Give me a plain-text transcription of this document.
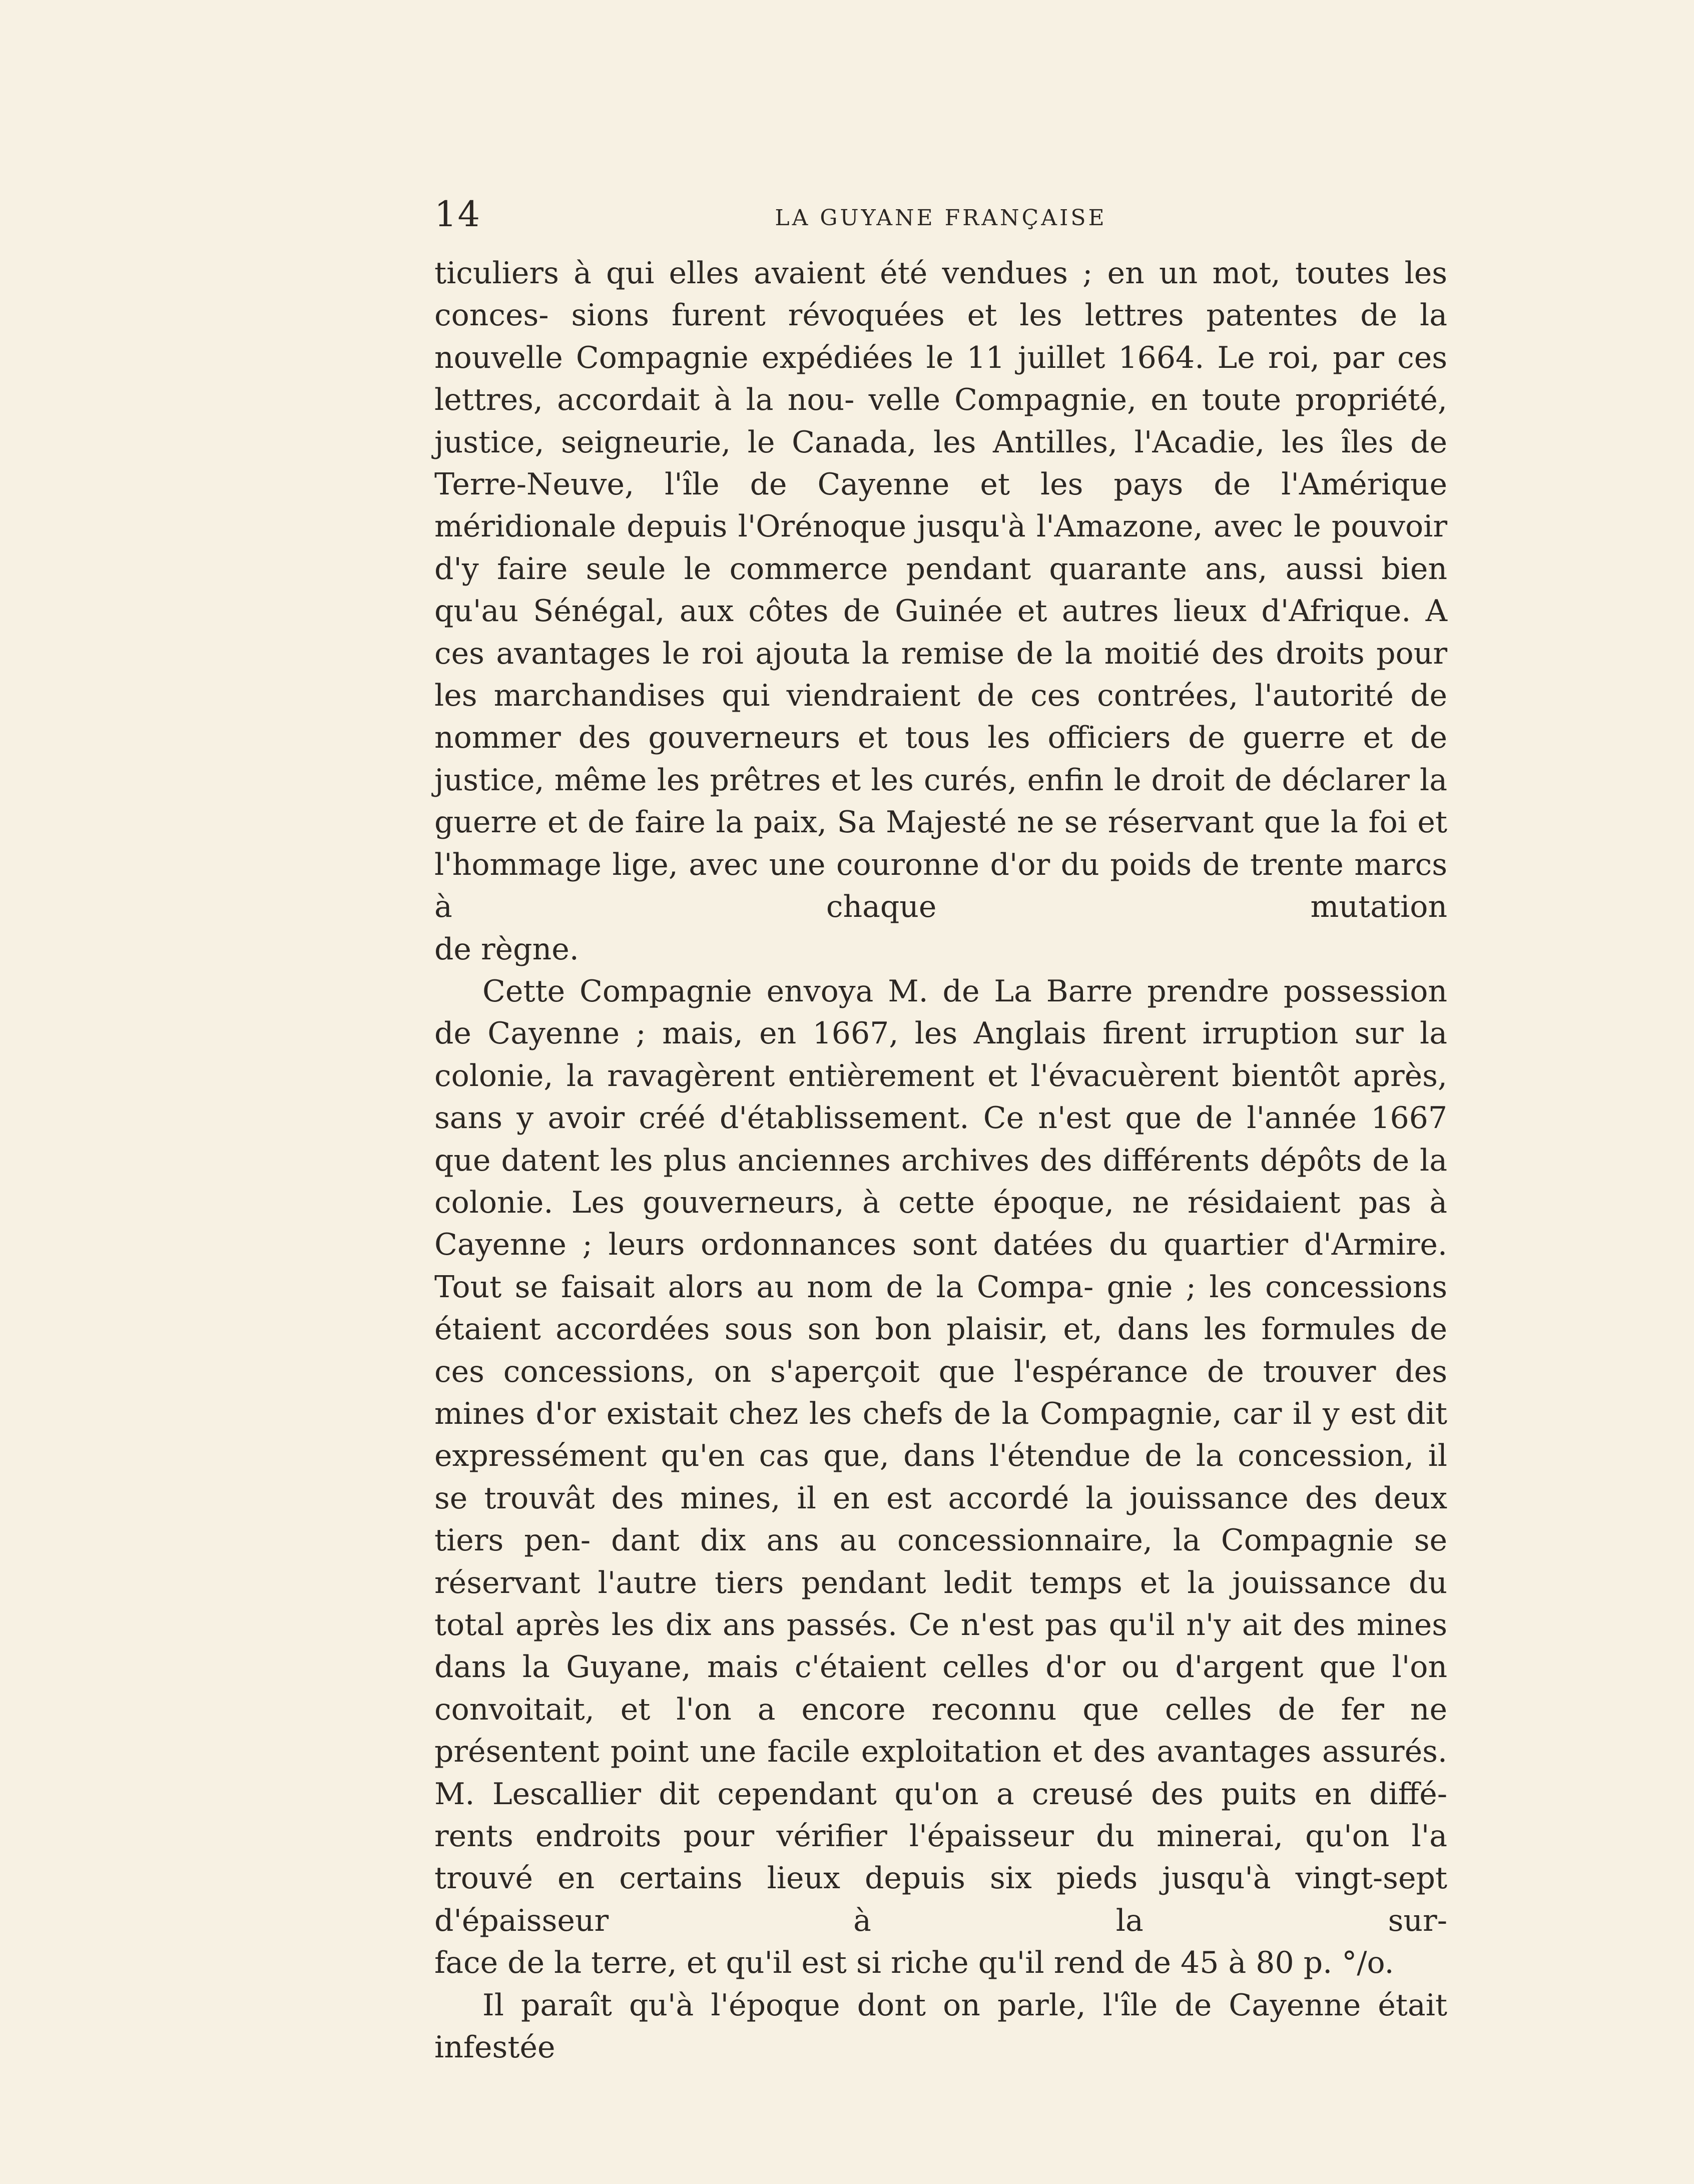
14	LA GUYANE FRANÇAISE

ticuliers à qui elles avaient été vendues ; en un mot, toutes les conces- sions furent révoquées et les lettres patentes de la nouvelle Compagnie expédiées le 11 juillet 1664. Le roi, par ces lettres, accordait à la nou- velle Compagnie, en toute propriété, justice, seigneurie, le Canada, les Antilles, l'Acadie, les îles de Terre-Neuve, l'île de Cayenne et les pays de l'Amérique méridionale depuis l'Orénoque jusqu'à l'Amazone, avec le pouvoir d'y faire seule le commerce pendant quarante ans, aussi bien qu'au Sénégal, aux côtes de Guinée et autres lieux d'Afrique. A ces avantages le roi ajouta la remise de la moitié des droits pour les marchandises qui viendraient de ces contrées, l'autorité de nommer des gouverneurs et tous les officiers de guerre et de justice, même les prêtres et les curés, enfin le droit de déclarer la guerre et de faire la paix, Sa Majesté ne se réservant que la foi et l'hommage lige, avec une couronne d'or du poids de trente marcs à chaque mutation

de règne.

Cette Compagnie envoya M. de La Barre prendre possession de Cayenne ; mais, en 1667, les Anglais firent irruption sur la colonie, la ravagèrent entièrement et l'évacuèrent bientôt après, sans y avoir créé d'établissement. Ce n'est que de l'année 1667 que datent les plus anciennes archives des différents dépôts de la colonie. Les gouverneurs, à cette époque, ne résidaient pas à Cayenne ; leurs ordonnances sont datées du quartier d'Armire. Tout se faisait alors au nom de la Compa- gnie ; les concessions étaient accordées sous son bon plaisir, et, dans les formules de ces concessions, on s'aperçoit que l'espérance de trouver des mines d'or existait chez les chefs de la Compagnie, car il y est dit expressément qu'en cas que, dans l'étendue de la concession, il se trouvât des mines, il en est accordé la jouissance des deux tiers pen- dant dix ans au concessionnaire, la Compagnie se réservant l'autre tiers pendant ledit temps et la jouissance du total après les dix ans passés. Ce n'est pas qu'il n'y ait des mines dans la Guyane, mais c'étaient celles d'or ou d'argent que l'on convoitait, et l'on a encore reconnu que celles de fer ne présentent point une facile exploitation et des avantages assurés. M. Lescallier dit cependant qu'on a creusé des puits en diffé- rents endroits pour vérifier l'épaisseur du minerai, qu'on l'a trouvé en certains lieux depuis six pieds jusqu'à vingt-sept d'épaisseur à la sur-

face de la terre, et qu'il est si riche qu'il rend de 45 à 80 p. °/o.

Il paraît qu'à l'époque dont on parle, l'île de Cayenne était infestée
